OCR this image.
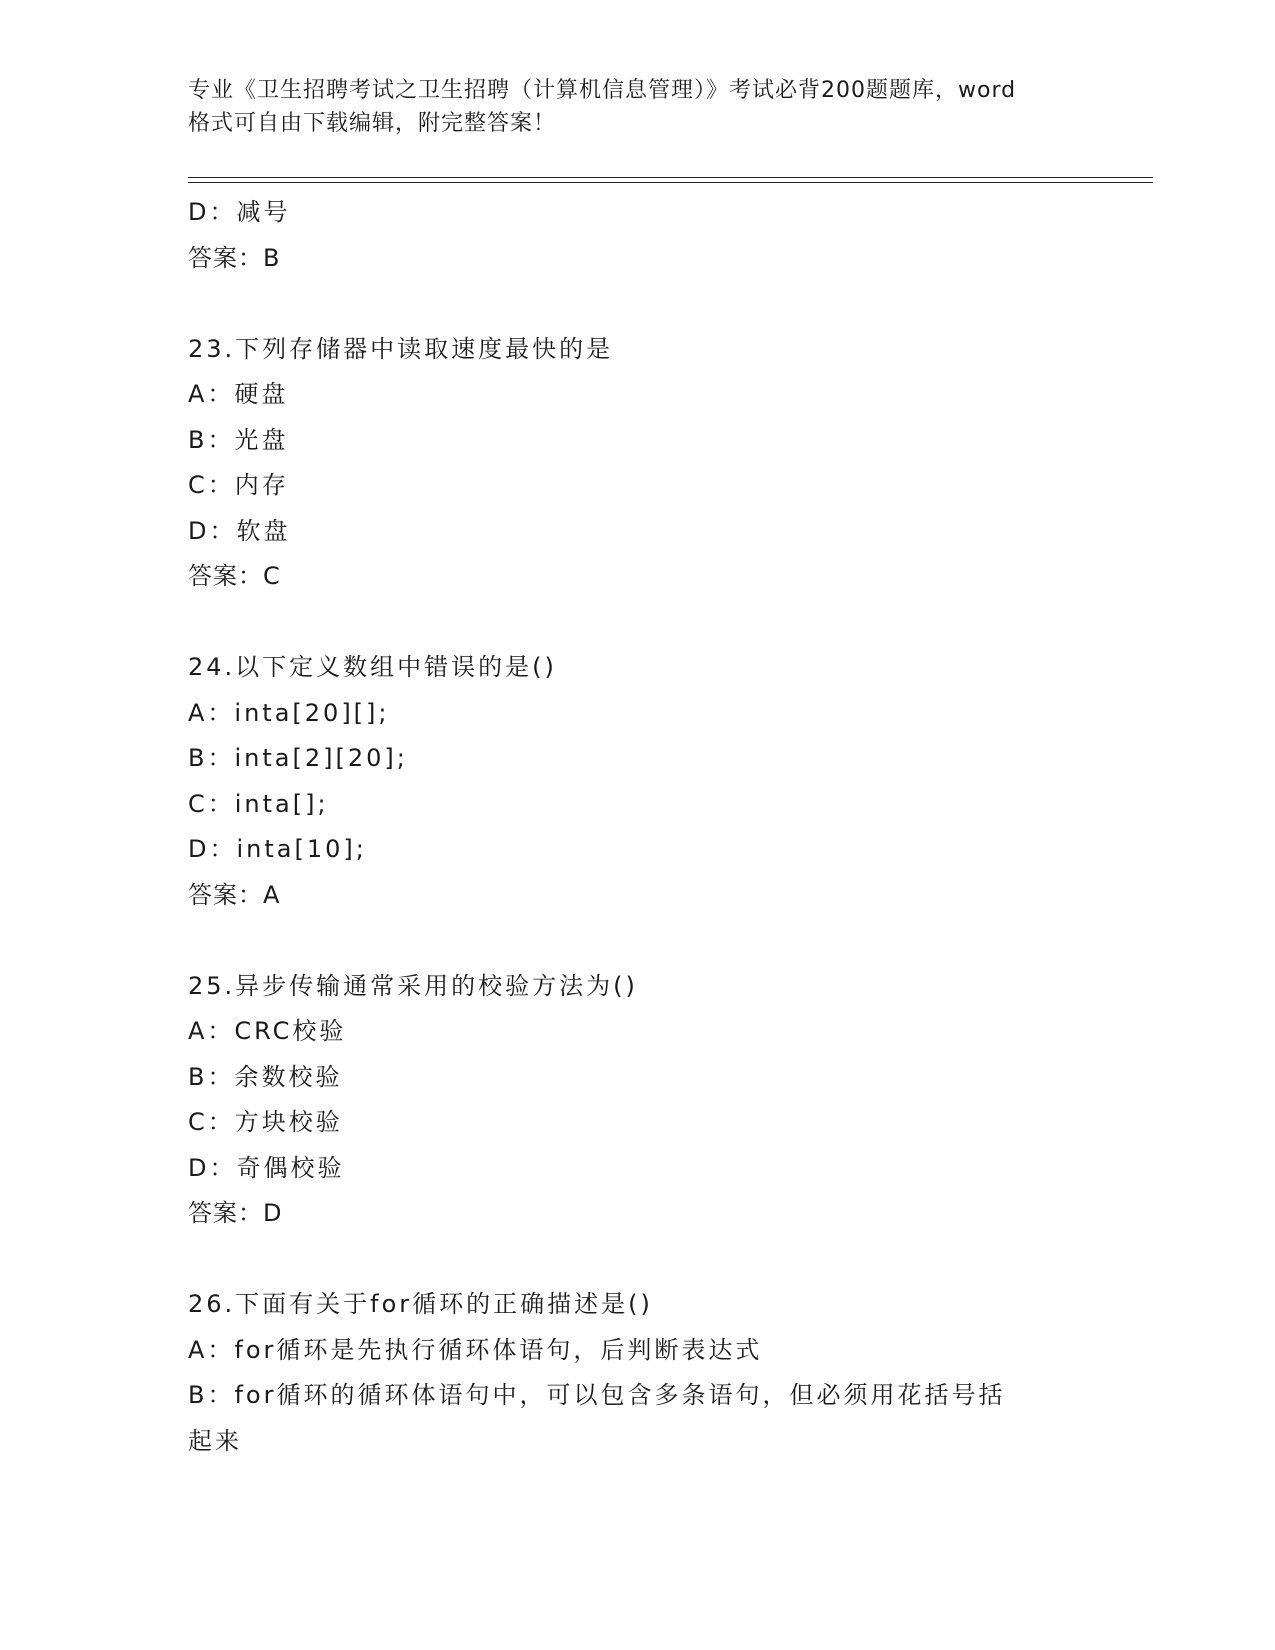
专业《卫生招聘考试之卫生招聘（计算机信息管理）》考试必背200题题库，word
格式可自由下载编辑，附完整答案！
D：减号
答案：B
23.下列存储器中读取速度最快的是
A：硬盘
B：光盘
C：内存
D：软盘
答案：C
24.以下定义数组中错误的是()
A：inta[20][];
B：inta[2][20];
C：inta[];
D：inta[10];
答案：A
25.异步传输通常采用的校验方法为()
A：CRC校验
B：余数校验
C：方块校验
D：奇偶校验
答案：D
26.下面有关于for循环的正确描述是()
A：for循环是先执行循环体语句，后判断表达式
B：for循环的循环体语句中，可以包含多条语句，但必须用花括号括
起来
